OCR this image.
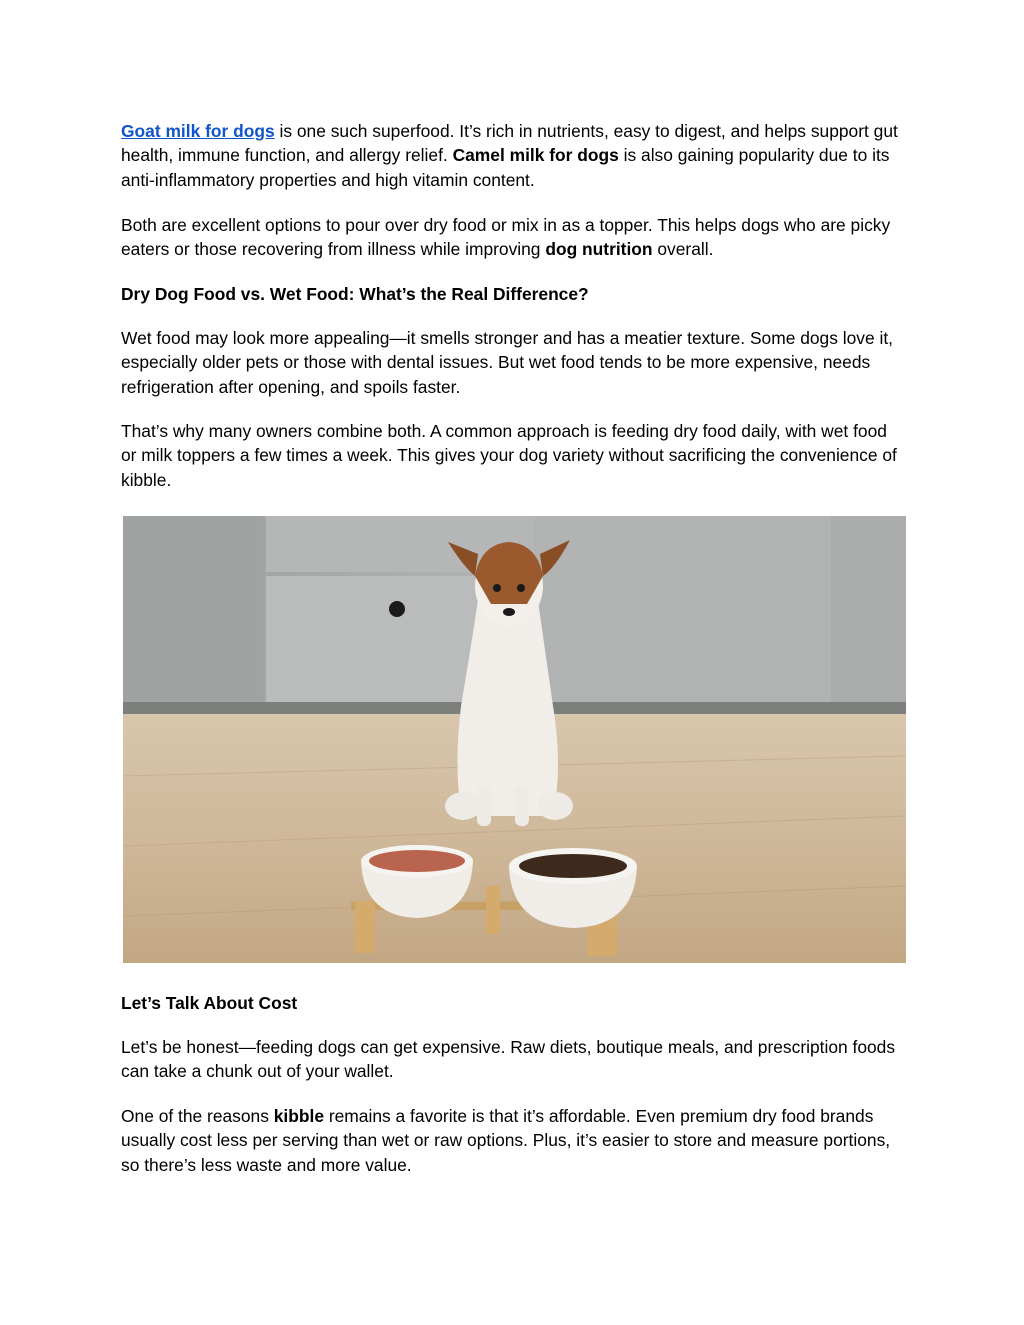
Goat milk for dogs is one such superfood. It’s rich in nutrients, easy to digest, and helps support gut health, immune function, and allergy relief. Camel milk for dogs is also gaining popularity due to its anti-inflammatory properties and high vitamin content.

Both are excellent options to pour over dry food or mix in as a topper. This helps dogs who are picky eaters or those recovering from illness while improving dog nutrition overall.

Dry Dog Food vs. Wet Food: What’s the Real Difference?

Wet food may look more appealing—it smells stronger and has a meatier texture. Some dogs love it, especially older pets or those with dental issues. But wet food tends to be more expensive, needs refrigeration after opening, and spoils faster.

That’s why many owners combine both. A common approach is feeding dry food daily, with wet food or milk toppers a few times a week. This gives your dog variety without sacrificing the convenience of kibble.

Let’s Talk About Cost

Let’s be honest—feeding dogs can get expensive. Raw diets, boutique meals, and prescription foods can take a chunk out of your wallet.

One of the reasons kibble remains a favorite is that it’s affordable. Even premium dry food brands usually cost less per serving than wet or raw options. Plus, it’s easier to store and measure portions, so there’s less waste and more value.
